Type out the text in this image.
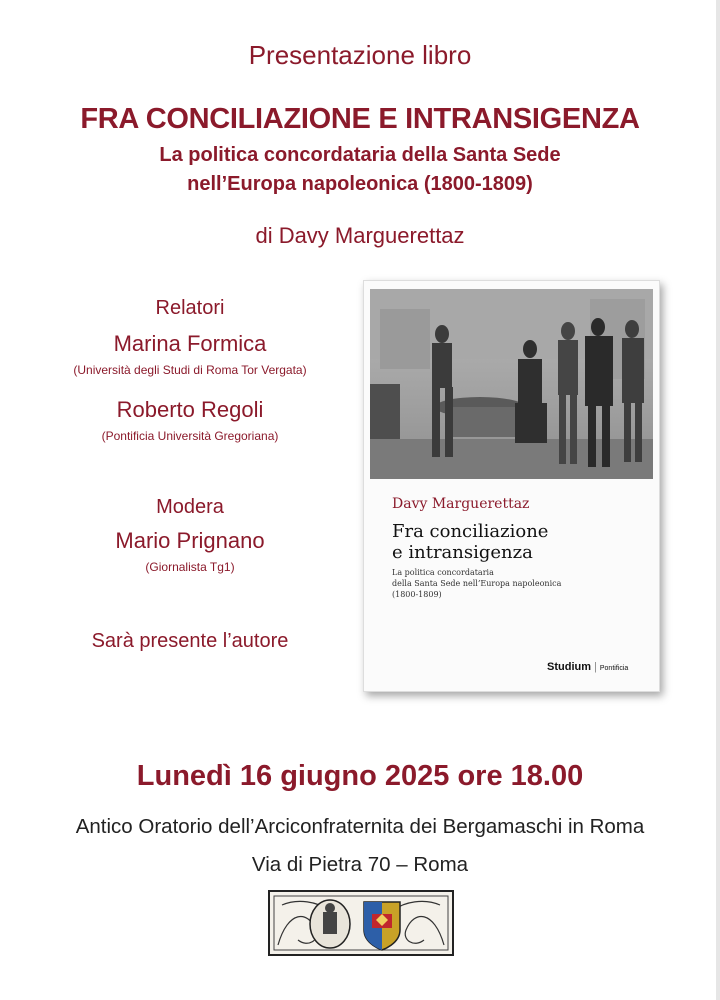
Presentazione libro
FRA CONCILIAZIONE E INTRANSIGENZA
La politica concordataria della Santa Sede
nell’Europa napoleonica (1800-1809)
di Davy Marguerettaz
Relatori
Marina Formica
(Università degli Studi di Roma Tor Vergata)
Roberto Regoli
(Pontificia Università Gregoriana)
Modera
Mario Prignano
(Giornalista Tg1)
Sarà presente l’autore
Davy Marguerettaz
Fra conciliazione
e intransigenza
La politica concordataria
della Santa Sede nell’Europa napoleonica
(1800-1809)
Studium | Pontificia
Lunedì 16 giugno 2025 ore 18.00
Antico Oratorio dell’Arciconfraternita dei Bergamaschi in Roma
Via di Pietra 70 – Roma
